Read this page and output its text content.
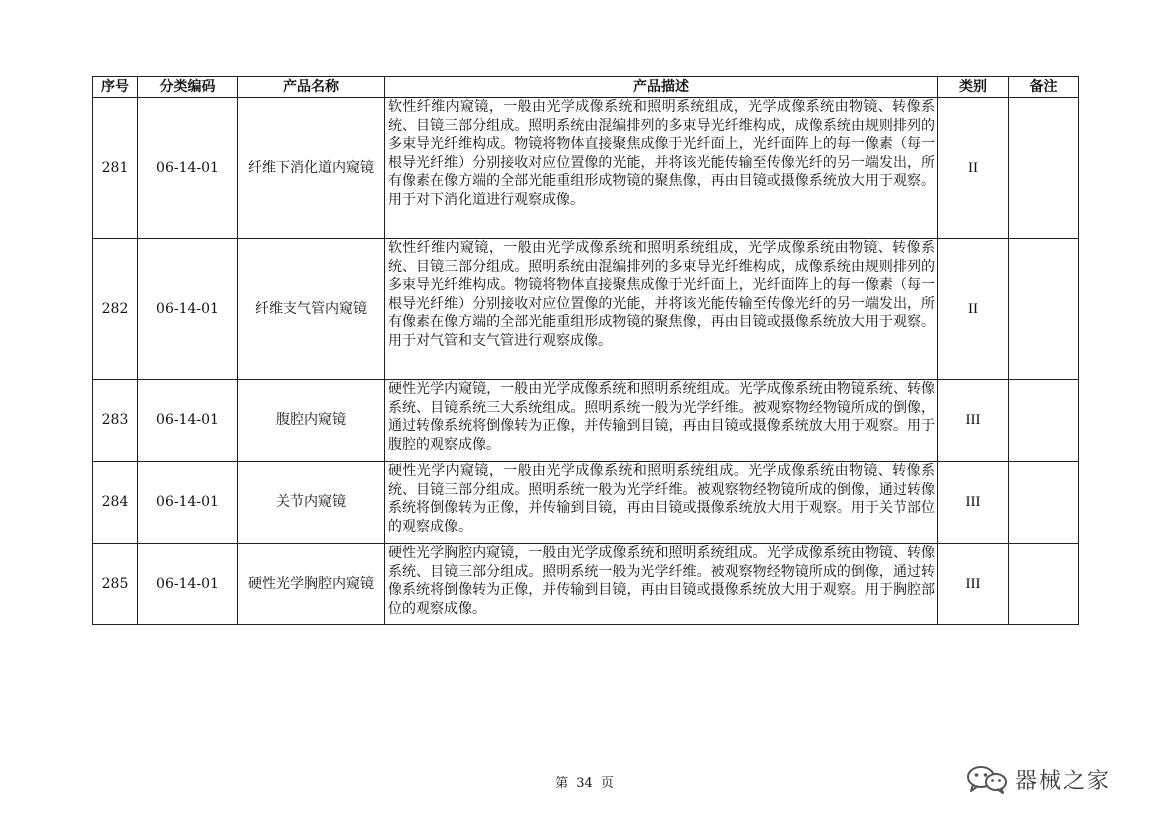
序号	分类编码	产品名称	产品描述	类别	备注
281	06-14-01	纤维下消化道内窥镜	软性纤维内窥镜，一般由光学成像系统和照明系统组成，光学成像系统由物镜、转像系统、目镜三部分组成。照明系统由混编排列的多束导光纤维构成，成像系统由规则排列的多束导光纤维构成。物镜将物体直接聚焦成像于光纤面上，光纤面阵上的每一像素（每一根导光纤维）分别接收对应位置像的光能，并将该光能传输至传像光纤的另一端发出，所有像素在像方端的全部光能重组形成物镜的聚焦像，再由目镜或摄像系统放大用于观察。用于对下消化道进行观察成像。	II	
282	06-14-01	纤维支气管内窥镜	软性纤维内窥镜，一般由光学成像系统和照明系统组成，光学成像系统由物镜、转像系统、目镜三部分组成。照明系统由混编排列的多束导光纤维构成，成像系统由规则排列的多束导光纤维构成。物镜将物体直接聚焦成像于光纤面上，光纤面阵上的每一像素（每一根导光纤维）分别接收对应位置像的光能，并将该光能传输至传像光纤的另一端发出，所有像素在像方端的全部光能重组形成物镜的聚焦像，再由目镜或摄像系统放大用于观察。用于对气管和支气管进行观察成像。	II	
283	06-14-01	腹腔内窥镜	硬性光学内窥镜，一般由光学成像系统和照明系统组成。光学成像系统由物镜系统、转像系统、目镜系统三大系统组成。照明系统一般为光学纤维。被观察物经物镜所成的倒像，通过转像系统将倒像转为正像，并传输到目镜，再由目镜或摄像系统放大用于观察。用于腹腔的观察成像。	III	
284	06-14-01	关节内窥镜	硬性光学内窥镜，一般由光学成像系统和照明系统组成。光学成像系统由物镜、转像系统、目镜三部分组成。照明系统一般为光学纤维。被观察物经物镜所成的倒像，通过转像系统将倒像转为正像，并传输到目镜，再由目镜或摄像系统放大用于观察。用于关节部位的观察成像。	III	
285	06-14-01	硬性光学胸腔内窥镜	硬性光学胸腔内窥镜，一般由光学成像系统和照明系统组成。光学成像系统由物镜、转像系统、目镜三部分组成。照明系统一般为光学纤维。被观察物经物镜所成的倒像，通过转像系统将倒像转为正像，并传输到目镜，再由目镜或摄像系统放大用于观察。用于胸腔部位的观察成像。	III	
第 34 页	器械之家
